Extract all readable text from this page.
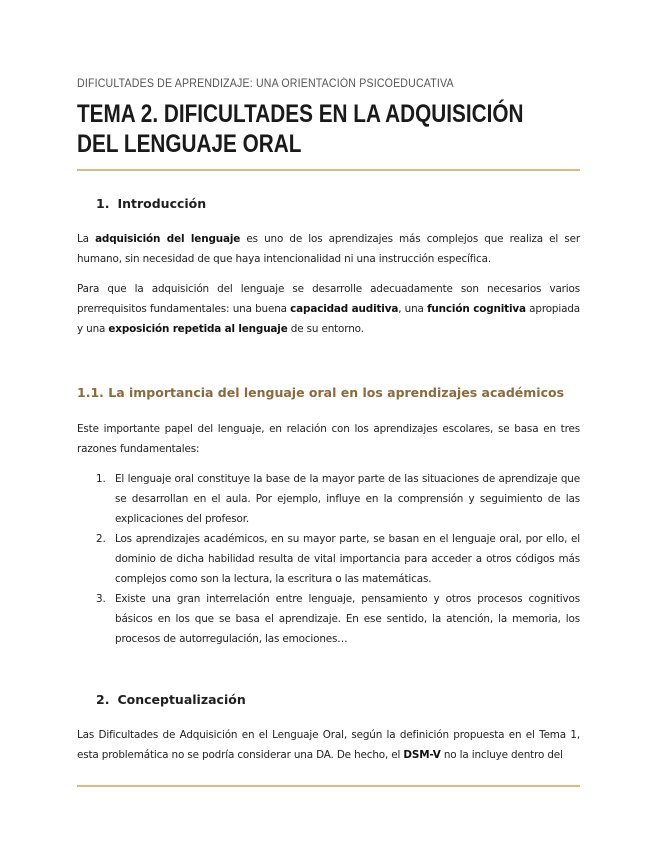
DIFICULTADES DE APRENDIZAJE: UNA ORIENTACIÓN PSICOEDUCATIVA
TEMA 2. DIFICULTADES EN LA ADQUISICIÓN DEL LENGUAJE ORAL
1. Introducción

La adquisición del lenguaje es uno de los aprendizajes más complejos que realiza el ser humano, sin necesidad de que haya intencionalidad ni una instrucción específica.

Para que la adquisición del lenguaje se desarrolle adecuadamente son necesarios varios prerrequisitos fundamentales: una buena capacidad auditiva, una función cognitiva apropiada y una exposición repetida al lenguaje de su entorno.

1.1. La importancia del lenguaje oral en los aprendizajes académicos

Este importante papel del lenguaje, en relación con los aprendizajes escolares, se basa en tres razones fundamentales:

1. El lenguaje oral constituye la base de la mayor parte de las situaciones de aprendizaje que se desarrollan en el aula. Por ejemplo, influye en la comprensión y seguimiento de las explicaciones del profesor.
2. Los aprendizajes académicos, en su mayor parte, se basan en el lenguaje oral, por ello, el dominio de dicha habilidad resulta de vital importancia para acceder a otros códigos más complejos como son la lectura, la escritura o las matemáticas.
3. Existe una gran interrelación entre lenguaje, pensamiento y otros procesos cognitivos básicos en los que se basa el aprendizaje. En ese sentido, la atención, la memoria, los procesos de autorregulación, las emociones…
2. Conceptualización

Las Dificultades de Adquisición en el Lenguaje Oral, según la definición propuesta en el Tema 1, esta problemática no se podría considerar una DA. De hecho, el DSM-V no la incluye dentro del
